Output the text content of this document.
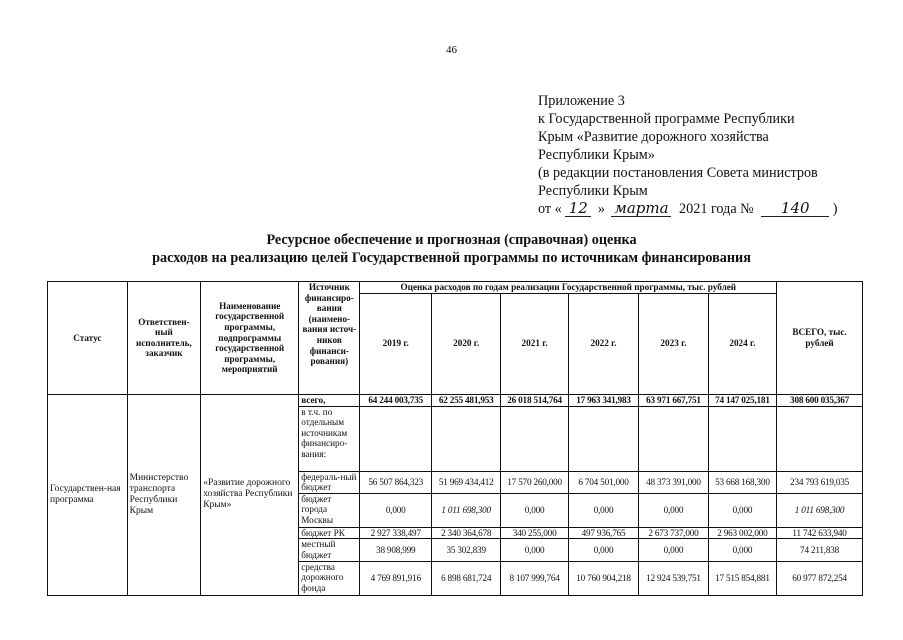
46
Приложение 3
к Государственной программе Республики
Крым «Развитие дорожного хозяйства
Республики Крым»
(в редакции постановления Совета министров
Республики Крым
от « 12 » марта 2021 года № 140 )
Ресурсное обеспечение и прогнозная (справочная) оценка
расходов на реализацию целей Государственной программы по источникам финансирования
Статус	Ответствен-ный исполнитель, заказчик	Наименование государственной программы, подпрограммы государственной программы, мероприятий	Источник финансиро-вания (наимено-вания источ-ников финанси-рования)	Оценка расходов по годам реализации Государственной программы, тыс. рублей						ВСЕГО, тыс. рублей
				2019 г.	2020 г.	2021 г.	2022 г.	2023 г.	2024 г.	
Государствен-ная программа	Министерство транспорта Республики Крым	«Развитие дорожного хозяйства Республики Крым»	всего,	64 244 003,735	62 255 481,953	26 018 514,764	17 963 341,983	63 971 667,751	74 147 025,181	308 600 035,367
			в т.ч. по отдельным источникам финансиро-вания:							
			федераль-ный бюджет	56 507 864,323	51 969 434,412	17 570 260,000	6 704 501,000	48 373 391,000	53 668 168,300	234 793 619,035
			бюджет города Москвы	0,000	1 011 698,300	0,000	0,000	0,000	0,000	1 011 698,300
			бюджет РК	2 927 338,497	2 340 364,678	340 255,000	497 936,765	2 673 737,000	2 963 002,000	11 742 633,940
			местный бюджет	38 908,999	35 302,839	0,000	0,000	0,000	0,000	74 211,838
			средства дорожного фонда	4 769 891,916	6 898 681,724	8 107 999,764	10 760 904,218	12 924 539,751	17 515 854,881	60 977 872,254
